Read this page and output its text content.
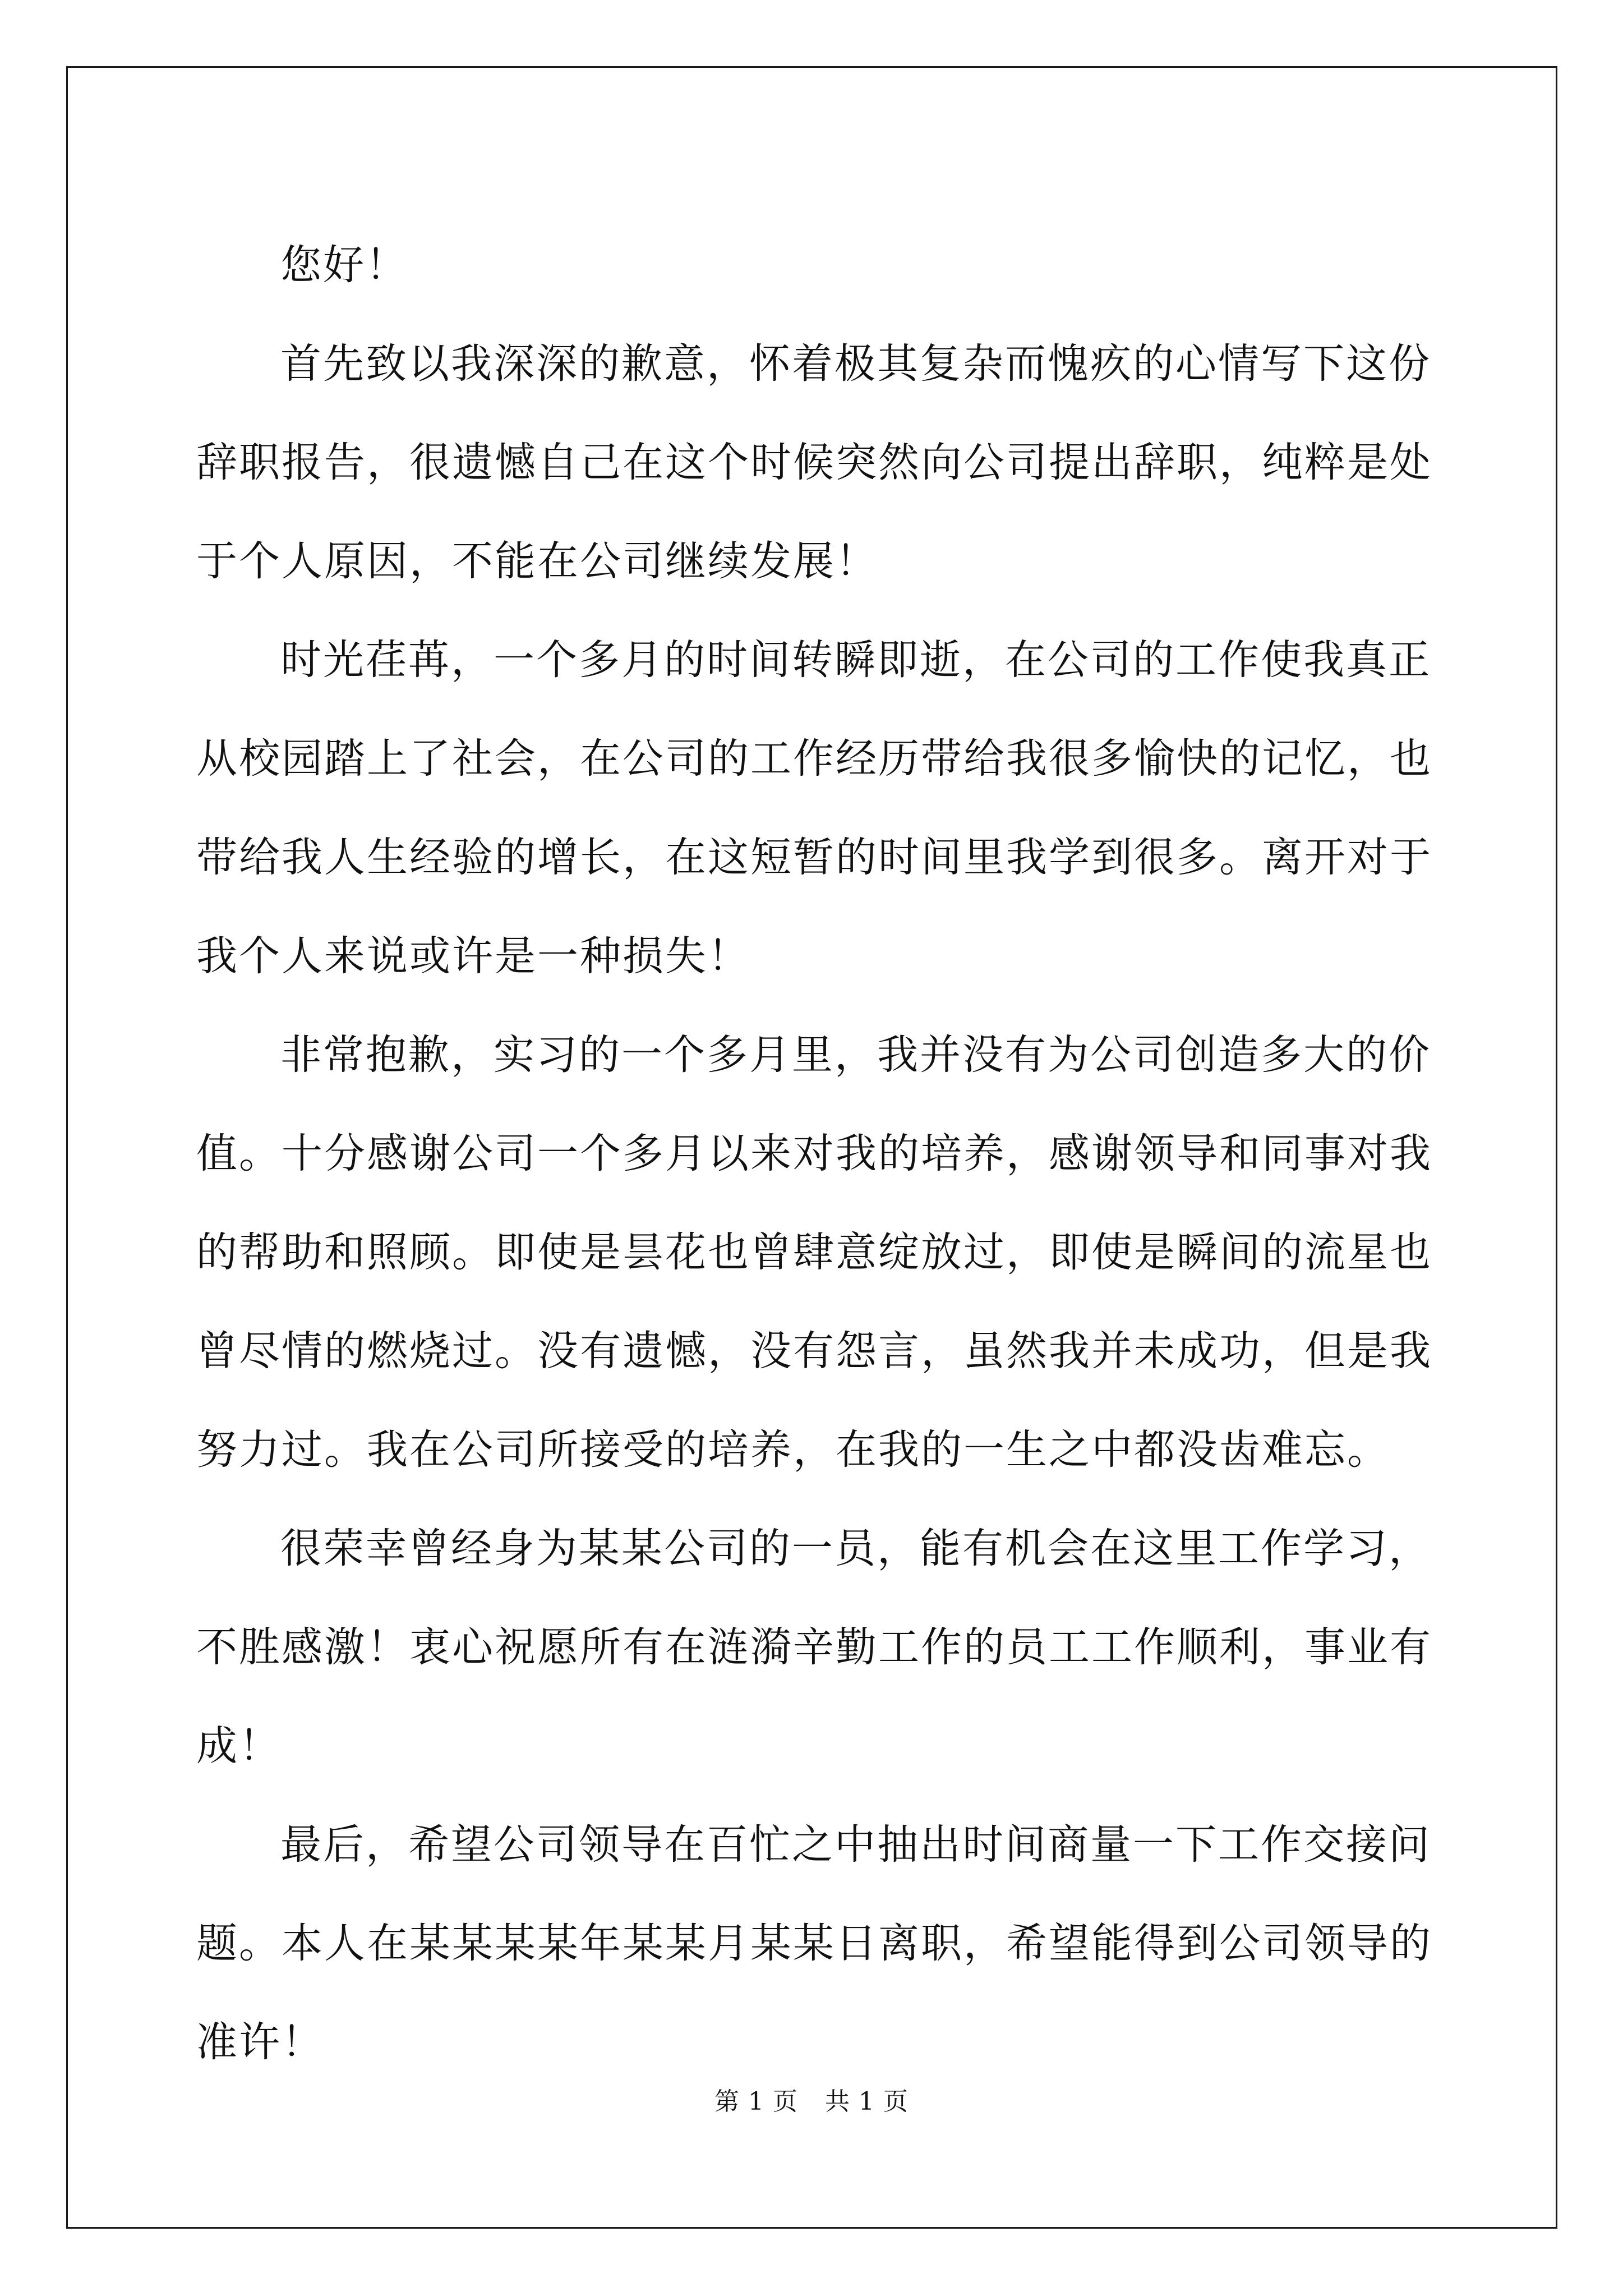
您好！

首先致以我深深的歉意，怀着极其复杂而愧疚的心情写下这份辞职报告，很遗憾自己在这个时候突然向公司提出辞职，纯粹是处于个人原因，不能在公司继续发展！

时光荏苒，一个多月的时间转瞬即逝，在公司的工作使我真正从校园踏上了社会，在公司的工作经历带给我很多愉快的记忆，也带给我人生经验的增长，在这短暂的时间里我学到很多。离开对于我个人来说或许是一种损失！

非常抱歉，实习的一个多月里，我并没有为公司创造多大的价值。十分感谢公司一个多月以来对我的培养，感谢领导和同事对我的帮助和照顾。即使是昙花也曾肆意绽放过，即使是瞬间的流星也曾尽情的燃烧过。没有遗憾，没有怨言，虽然我并未成功，但是我努力过。我在公司所接受的培养，在我的一生之中都没齿难忘。

很荣幸曾经身为某某公司的一员，能有机会在这里工作学习，不胜感激！衷心祝愿所有在涟漪辛勤工作的员工工作顺利，事业有成！

最后，希望公司领导在百忙之中抽出时间商量一下工作交接问题。本人在某某某某年某某月某某日离职，希望能得到公司领导的准许！

第 1 页 共 1 页
